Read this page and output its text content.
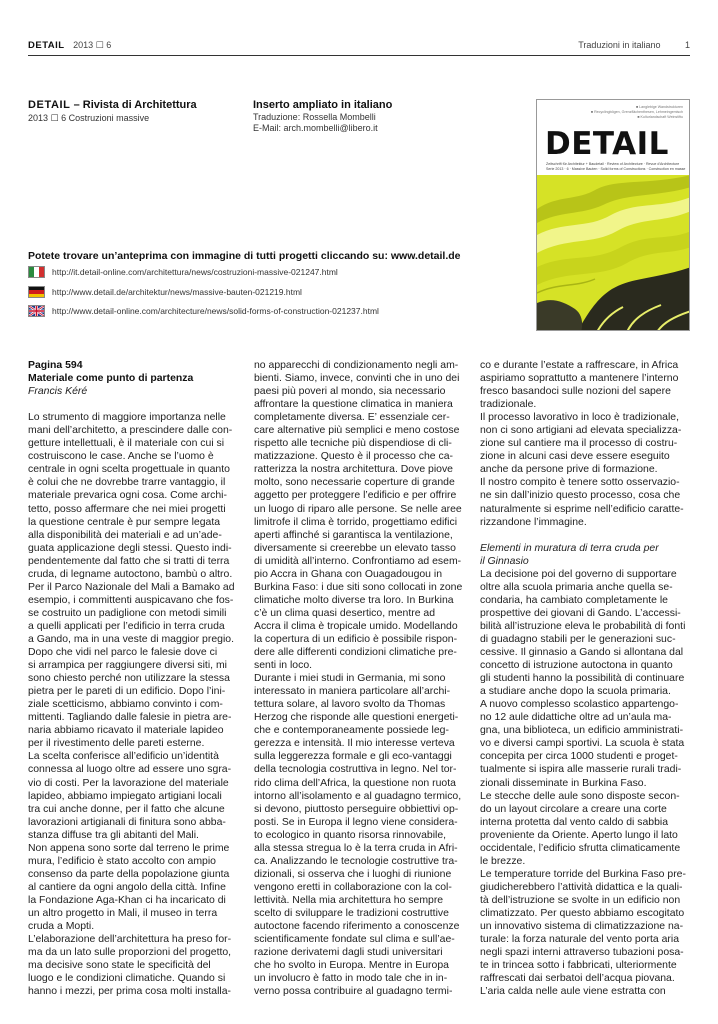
DETAIL 2013 ☐ 6	Traduzioni in italiano	1
DETAIL – Rivista di Architettura
2013 ☐ 6 Costruzioni massive
Inserto ampliato in italiano
Traduzione: Rossella Mombelli
E-Mail: arch.mombelli@libero.it
■ Langlebige Wandstrukturen
■ Recyclingbögen, Grenzflächenthesen, Lehmeingemisch
■ Kulturlandschaft Weinstiftu
DETAIL
Zeitschrift für Architektur + Baudetail · Review of Architecture · Revue d'Architecture
Serie 2013 · 6 · Massive Bauten · Solid forms of Constructions · Construction en masse
Potete trovare un’anteprima con immagine di tutti progetti cliccando su: www.detail.de
http://it.detail-online.com/architettura/news/costruzioni-massive-021247.html
http://www.detail.de/architektur/news/massive-bauten-021219.html
http://www.detail-online.com/architecture/news/solid-forms-of-construction-021237.html
Pagina 594
Materiale come punto di partenza
Francis Kéré
Lo strumento di maggiore importanza nelle
mani dell’architetto, a prescindere dalle con-
getture intellettuali, è il materiale con cui si
costruiscono le case. Anche se l’uomo è
centrale in ogni scelta progettuale in quanto
è colui che ne dovrebbe trarre vantaggio, il
materiale prevarica ogni cosa. Come archi-
tetto, posso affermare che nei miei progetti
la questione centrale è pur sempre legata
alla disponibilità dei materiali e ad un’ade-
guata applicazione degli stessi. Questo indi-
pendentemente dal fatto che si tratti di terra
cruda, di legname autoctono, bambù o altro.
Per il Parco Nazionale del Mali a Bamako ad
esempio, i committenti auspicavano che fos-
se costruito un padiglione con metodi simili
a quelli applicati per l’edificio in terra cruda
a Gando, ma in una veste di maggior pregio.
Dopo che vidi nel parco le falesie dove ci
si arrampica per raggiungere diversi siti, mi
sono chiesto perché non utilizzare la stessa
pietra per le pareti di un edificio. Dopo l’ini-
ziale scetticismo, abbiamo convinto i com-
mittenti. Tagliando dalle falesie in pietra are-
naria abbiamo ricavato il materiale lapideo
per il rivestimento delle pareti esterne.
La scelta conferisce all’edificio un’identità
connessa al luogo oltre ad essere uno sgra-
vio di costi. Per la lavorazione del materiale
lapideo, abbiamo impiegato artigiani locali
tra cui anche donne, per il fatto che alcune
lavorazioni artigianali di finitura sono abba-
stanza diffuse tra gli abitanti del Mali.
Non appena sono sorte dal terreno le prime
mura, l’edificio è stato accolto con ampio
consenso da parte della popolazione giunta
al cantiere da ogni angolo della città. Infine
la Fondazione Aga-Khan ci ha incaricato di
un altro progetto in Mali, il museo in terra
cruda a Mopti.
L’elaborazione dell’architettura ha preso for-
ma da un lato sulle proporzioni del progetto,
ma decisive sono state le specificità del
luogo e le condizioni climatiche. Quando si
hanno i mezzi, per prima cosa molti installa-
no apparecchi di condizionamento negli am-
bienti. Siamo, invece, convinti che in uno dei
paesi più poveri al mondo, sia necessario
affrontare la questione climatica in maniera
completamente diversa. E’ essenziale cer-
care alternative più semplici e meno costose
rispetto alle tecniche più dispendiose di cli-
matizzazione. Questo è il processo che ca-
ratterizza la nostra architettura. Dove piove
molto, sono necessarie coperture di grande
aggetto per proteggere l’edificio e per offrire
un luogo di riparo alle persone. Se nelle aree
limitrofe il clima è torrido, progettiamo edifici
aperti affinché si garantisca la ventilazione,
diversamente si creerebbe un elevato tasso
di umidità all’interno. Confrontiamo ad esem-
pio Accra in Ghana con Ouagadougou in
Burkina Faso: i due siti sono collocati in zone
climatiche molto diverse tra loro. In Burkina
c’è un clima quasi desertico, mentre ad
Accra il clima è tropicale umido. Modellando
la copertura di un edificio è possibile rispon-
dere alle differenti condizioni climatiche pre-
senti in loco.
Durante i miei studi in Germania, mi sono
interessato in maniera particolare all’archi-
tettura solare, al lavoro svolto da Thomas
Herzog che risponde alle questioni energeti-
che e contemporaneamente possiede leg-
gerezza e intensità. Il mio interesse verteva
sulla leggerezza formale e gli eco-vantaggi
della tecnologia costruttiva in legno. Nel tor-
rido clima dell’Africa, la questione non ruota
intorno all’isolamento e al guadagno termico,
si devono, piuttosto perseguire obbiettivi op-
posti. Se in Europa il legno viene considera-
to ecologico in quanto risorsa rinnovabile,
alla stessa stregua lo è la terra cruda in Afri-
ca. Analizzando le tecnologie costruttive tra-
dizionali, si osserva che i luoghi di riunione
vengono eretti in collaborazione con la col-
lettività. Nella mia architettura ho sempre
scelto di sviluppare le tradizioni costruttive
autoctone facendo riferimento a conoscenze
scientificamente fondate sul clima e sull’ae-
razione derivatemi dagli studi universitari
che ho svolto in Europa. Mentre in Europa
un involucro è fatto in modo tale che in in-
verno possa contribuire al guadagno termi-
co e durante l’estate a raffrescare, in Africa
aspiriamo soprattutto a mantenere l’interno
fresco basandoci sulle nozioni del sapere
tradizionale.
Il processo lavorativo in loco è tradizionale,
non ci sono artigiani ad elevata specializza-
zione sul cantiere ma il processo di costru-
zione in alcuni casi deve essere eseguito
anche da persone prive di formazione.
Il nostro compito è tenere sotto osservazio-
ne sin dall’inizio questo processo, cosa che
naturalmente si esprime nell’edificio caratte-
rizzandone l’immagine.
Elementi in muratura di terra cruda per
il Ginnasio
La decisione poi del governo di supportare
oltre alla scuola primaria anche quella se-
condaria, ha cambiato completamente le
prospettive dei giovani di Gando. L’accessi-
bilità all’istruzione eleva le probabilità di fonti
di guadagno stabili per le generazioni suc-
cessive. Il ginnasio a Gando si allontana dal
concetto di istruzione autoctona in quanto
gli studenti hanno la possibilità di continuare
a studiare anche dopo la scuola primaria.
A nuovo complesso scolastico appartengo-
no 12 aule didattiche oltre ad un’aula ma-
gna, una biblioteca, un edificio amministrati-
vo e diversi campi sportivi. La scuola è stata
concepita per circa 1000 studenti e proget-
tualmente si ispira alle masserie rurali tradi-
zionali disseminate in Burkina Faso.
Le stecche delle aule sono disposte secon-
do un layout circolare a creare una corte
interna protetta dal vento caldo di sabbia
proveniente da Oriente. Aperto lungo il lato
occidentale, l’edificio sfrutta climaticamente
le brezze.
Le temperature torride del Burkina Faso pre-
giudicherebbero l’attività didattica e la quali-
tà dell’istruzione se svolte in un edificio non
climatizzato. Per questo abbiamo escogitato
un innovativo sistema di climatizzazione na-
turale: la forza naturale del vento porta aria
negli spazi interni attraverso tubazioni posa-
te in trincea sotto i fabbricati, ulteriormente
raffrescati dai serbatoi dell’acqua piovana.
L’aria calda nelle aule viene estratta con
